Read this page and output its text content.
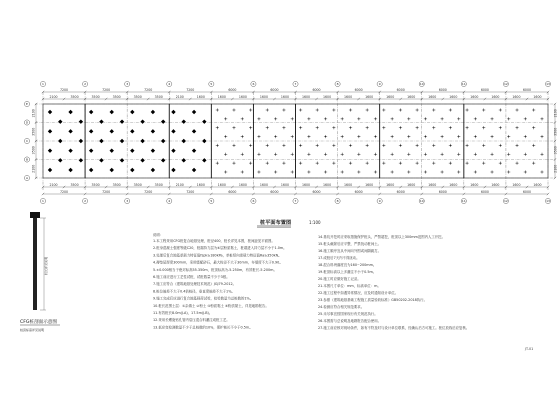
2100	3500	3500	3500	3500	3500	2100	1600	1600	1600	1600	1600	1600	1600	1600	1600	1600	1600	1600	1600	1600	1600	1600	1600
7200	7200	7200	7200	6000	6000	6000	6000	6000	6000	6000	6000
2100	3500	3500	3500	3500	3500	2100	1600	1600	1600	1600	1600	1600	1600	1600	1600	1600	1600	1600	1600	1600	1600	1600	1600
7200	7200	7200	7200	6000	6000	6000	6000	6000	6000	6000	6000
2100
3500
3500
2100
2100
3500
3500
2100
1
1
2
2
3
3
4
4
5
5
6
6
7
7
8
8
9
9
10
10
11
11
12
12
13
13
E
D
C
B
A
桩平面布置图	1:100
桩长详见说明
CFG桩剖面示意图
桩顶标高详见说明
说明：
1.本工程采用CFG桩复合地基处理，桩径400，桩长详见本图，桩间距见平面图。
2.桩身混凝土强度等级C20，桩端持力层为④层粉质黏土，桩端进入持力层不小于1.0m。
3.处理后复合地基承载力特征值fspk≥180kPa，单桩竖向承载力特征值Ra≥350kN。
4.褥垫层厚度300mm，采用级配砂石，最大粒径不大于30mm，夯填度不大于0.90。
5.±0.000相当于绝对标高55.350m，桩顶标高为-5.250m，有效桩长-5.200m。
6.施工前应进行工艺性试桩，试桩数量不少于3根。
7.施工应符合《建筑地基处理技术规范》JGJ79-2012。
8.桩位偏差不大于0.4倍桩径，垂直度偏差不大于1%。
9.施工完成后应进行复合地基载荷试验，检验数量为总桩数的1%。
10.桩长范围土层：①杂填土 ②粉土 ③粉质黏土 ④粉质黏土，详见地勘报告。
11.有效桩长8.0m(J-A)，17.5m(J-B)。
12.采用长螺旋钻孔管内泵压混合料灌注成桩工艺。
13.低应变检测数量不少于总桩数的10%，保护桩长不小于0.5m。
14.基坑开挖时应采取措施保护桩头，严禁超挖，桩顶以上300mm范围内人工开挖。
15.桩头截除后应平整，严禁扰动桩间土。
16.施工顺序宜从中间向外围或间隔跳打。
17.成桩后7天内不得扰动。
18.混合料坍落度宜为160~200mm。
19.桩顶标高以上多灌注不小于0.5m。
20.施工时应做好施工记录。
21.本图尺寸单位：mm，标高单位：m。
22.施工过程中如遇异常情况，应及时通知设计单位。
23.参照《建筑地基基础工程施工质量验收标准》GB50202-2018执行。
24.检测应符合相关规范要求。
25.未尽事宜按国家现行有关规范执行。
26.本图需与总说明及地勘报告配合使用。
27.施工前应核对现场条件，如有不符及时与设计单位联系，经确认后方可施工。桩位放线后应复核。
JT-01
